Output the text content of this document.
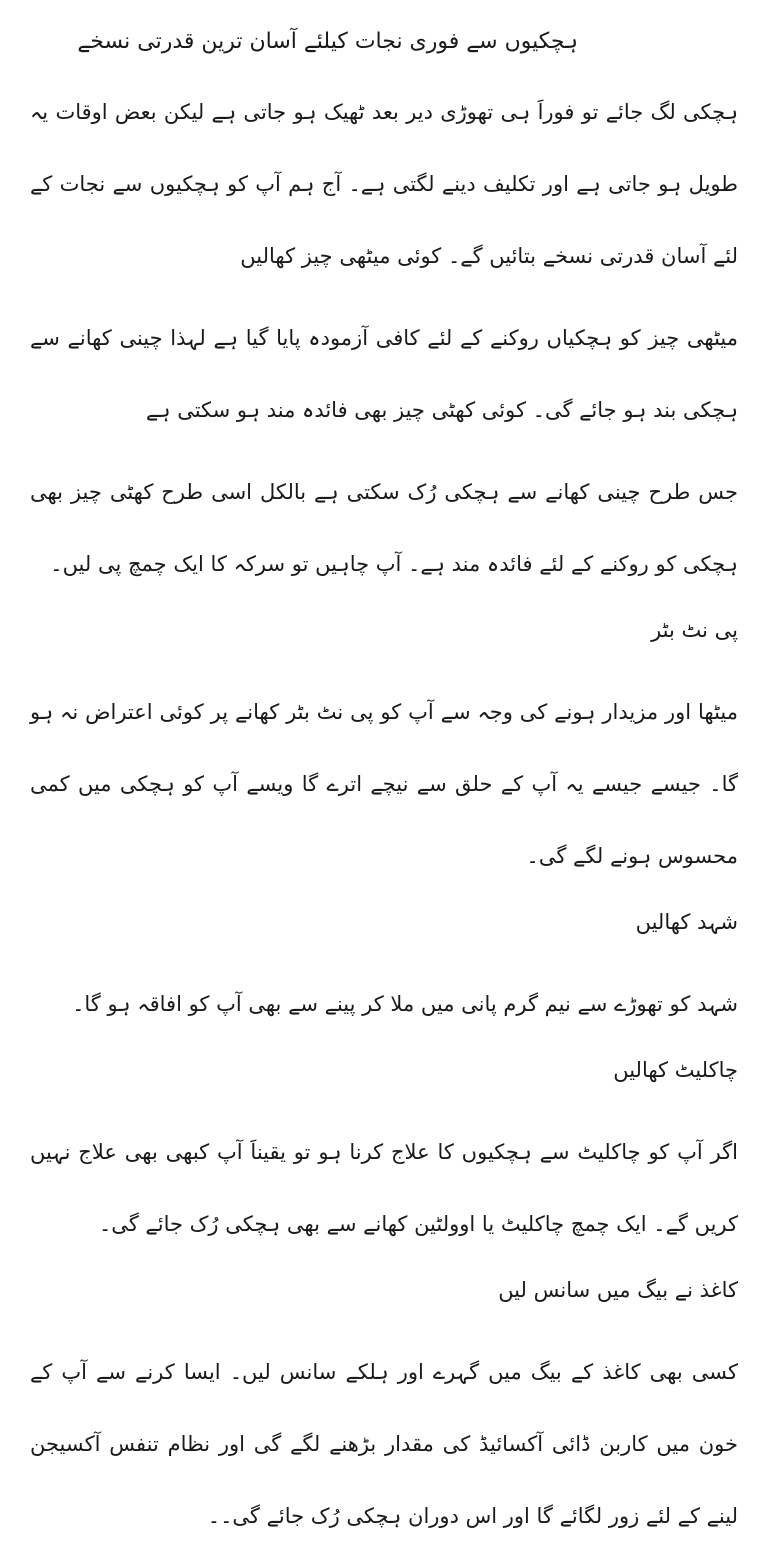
ہچکیوں سے فوری نجات کیلئے آسان ترین قدرتی نسخے

ہچکی لگ جائے تو فوراََ ہی تھوڑی دیر بعد ٹھیک ہو جاتی ہے لیکن بعض اوقات یہ طویل ہو جاتی ہے اور تکلیف دینے لگتی ہے۔ آج ہم آپ کو ہچکیوں سے نجات کے لئے آسان قدرتی نسخے بتائیں گے۔ کوئی میٹھی چیز کھالیں

میٹھی چیز کو ہچکیاں روکنے کے لئے کافی آزمودہ پایا گیا ہے لہذا چینی کھانے سے ہچکی بند ہو جائے گی۔ کوئی کھٹی چیز بھی فائدہ مند ہو سکتی ہے

جس طرح چینی کھانے سے ہچکی رُک سکتی ہے بالکل اسی طرح کھٹی چیز بھی ہچکی کو روکنے کے لئے فائدہ مند ہے۔ آپ چاہیں تو سرکہ کا ایک چمچ پی لیں۔

پی نٹ بٹر

میٹھا اور مزیدار ہونے کی وجہ سے آپ کو پی نٹ بٹر کھانے پر کوئی اعتراض نہ ہو گا۔ جیسے جیسے یہ آپ کے حلق سے نیچے اترے گا ویسے آپ کو ہچکی میں کمی محسوس ہونے لگے گی۔

شہد کھالیں

شہد کو تھوڑے سے نیم گرم پانی میں ملا کر پینے سے بھی آپ کو افاقہ ہو گا۔

چاکلیٹ کھالیں

اگر آپ کو چاکلیٹ سے ہچکیوں کا علاج کرنا ہو تو یقیناََ آپ کبھی بھی علاج نہیں کریں گے۔ ایک چمچ چاکلیٹ یا اوولٹین کھانے سے بھی ہچکی رُک جائے گی۔

کاغذ نے بیگ میں سانس لیں

کسی بھی کاغذ کے بیگ میں گہرے اور ہلکے سانس لیں۔ ایسا کرنے سے آپ کے خون میں کاربن ڈائی آکسائیڈ کی مقدار بڑھنے لگے گی اور نظام تنفس آکسیجن لینے کے لئے زور لگائے گا اور اس دوران ہچکی رُک جائے گی۔۔
